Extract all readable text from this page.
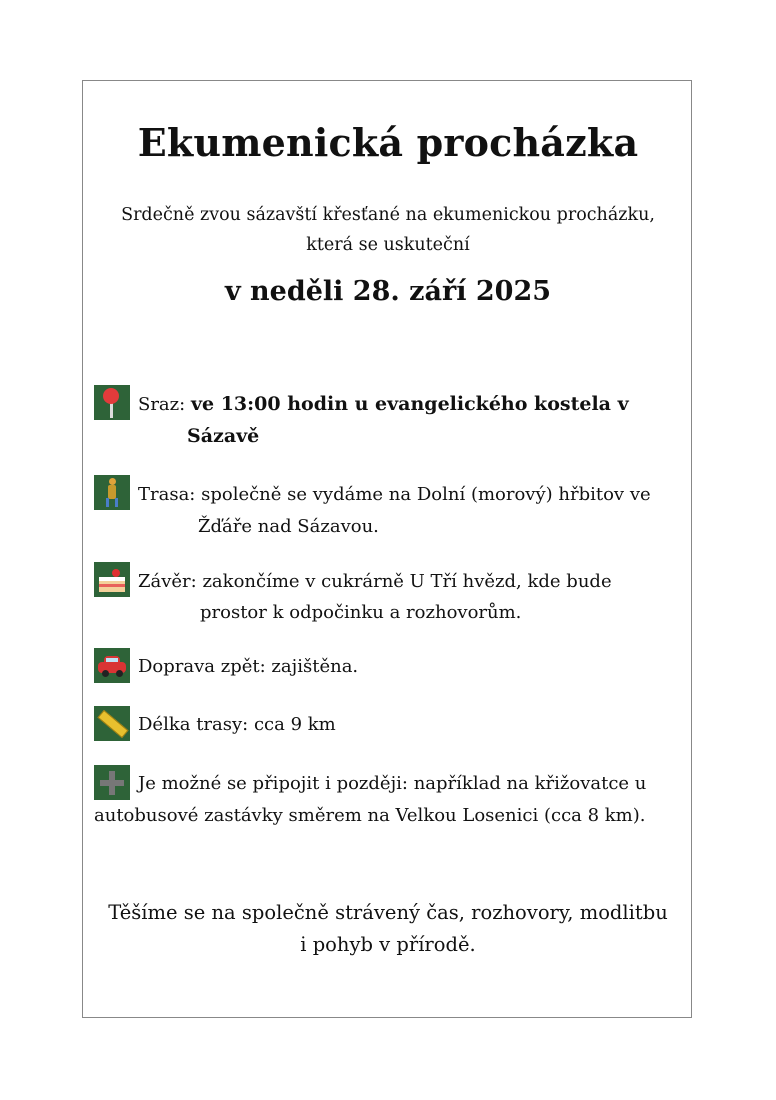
Ekumenická procházka
Srdečně zvou sázavští křesťané na ekumenickou procházku,
která se uskuteční
v neděli 28. září 2025
Sraz: ve 13:00 hodin u evangelického kostela v
Sázavě
Trasa: společně se vydáme na Dolní (morový) hřbitov ve
Žďáře nad Sázavou.
Závěr: zakončíme v cukrárně U Tří hvězd, kde bude
prostor k odpočinku a rozhovorům.
Doprava zpět: zajištěna.
Délka trasy: cca 9 km
Je možné se připojit i později: například na křižovatce u
autobusové zastávky směrem na Velkou Losenici (cca 8 km).
Těšíme se na společně strávený čas, rozhovory, modlitbu
i pohyb v přírodě.
